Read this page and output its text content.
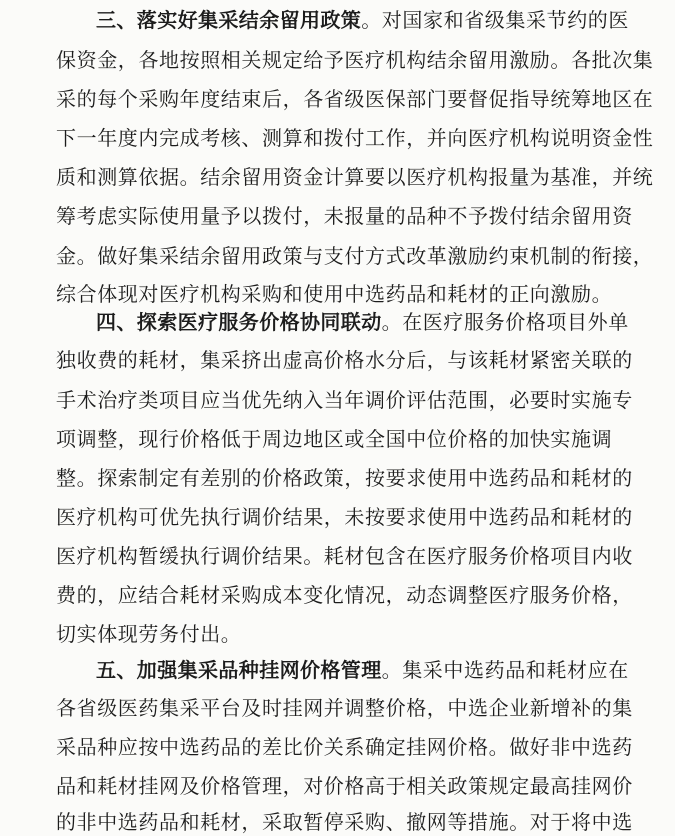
三、落实好集采结余留用政策。对国家和省级集采节约的医
保资金，各地按照相关规定给予医疗机构结余留用激励。各批次集
采的每个采购年度结束后，各省级医保部门要督促指导统筹地区在
下一年度内完成考核、测算和拨付工作，并向医疗机构说明资金性
质和测算依据。结余留用资金计算要以医疗机构报量为基准，并统
筹考虑实际使用量予以拨付，未报量的品种不予拨付结余留用资
金。做好集采结余留用政策与支付方式改革激励约束机制的衔接，
综合体现对医疗机构采购和使用中选药品和耗材的正向激励。
四、探索医疗服务价格协同联动。在医疗服务价格项目外单
独收费的耗材，集采挤出虚高价格水分后，与该耗材紧密关联的
手术治疗类项目应当优先纳入当年调价评估范围，必要时实施专
项调整，现行价格低于周边地区或全国中位价格的加快实施调
整。探索制定有差别的价格政策，按要求使用中选药品和耗材的
医疗机构可优先执行调价结果，未按要求使用中选药品和耗材的
医疗机构暂缓执行调价结果。耗材包含在医疗服务价格项目内收
费的，应结合耗材采购成本变化情况，动态调整医疗服务价格，
切实体现劳务付出。
五、加强集采品种挂网价格管理。集采中选药品和耗材应在
各省级医药集采平台及时挂网并调整价格，中选企业新增补的集
采品种应按中选药品的差比价关系确定挂网价格。做好非中选药
品和耗材挂网及价格管理，对价格高于相关政策规定最高挂网价
的非中选药品和耗材，采取暂停采购、撤网等措施。对于将中选
